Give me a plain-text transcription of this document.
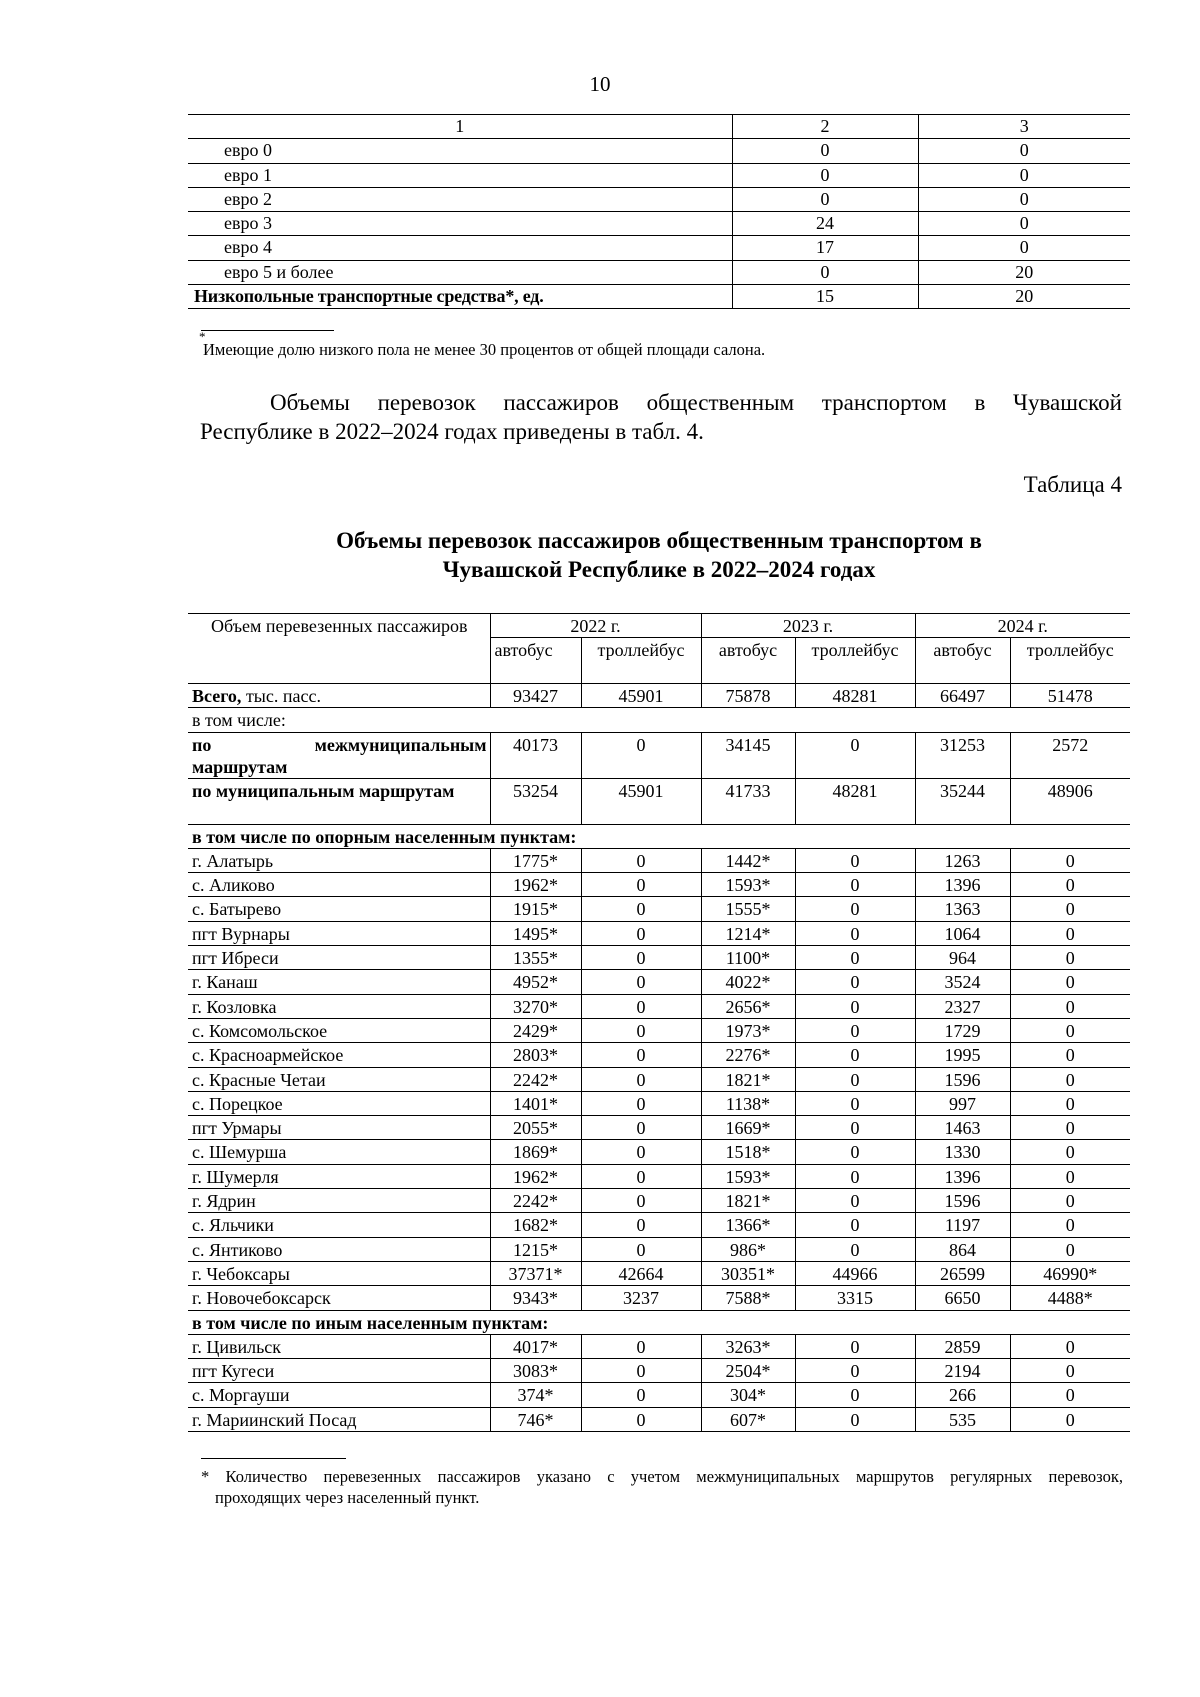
10
1	2	3
евро 0	0	0
евро 1	0	0
евро 2	0	0
евро 3	24	0
евро 4	17	0
евро 5 и более	0	20
Низкопольные транспортные средства*, ед.	15	20
*
Имеющие долю низкого пола не менее 30 процентов от общей площади салона.
Объемы перевозок пассажиров общественным транспортом в Чувашской
Республике в 2022–2024 годах приведены в табл. 4.
Таблица 4
Объемы перевозок пассажиров общественным транспортом в
Чувашской Республике в 2022–2024 годах
Объем перевезенных пассажиров	2022 г.		2023 г.		2024 г.	
	автобус	троллейбус	автобус	троллейбус	автобус	троллейбус
Всего, тыс. пасс.	93427	45901	75878	48281	66497	51478
в том числе:						
по межмуниципальным маршрутам	40173	0	34145	0	31253	2572
по муниципальным маршрутам	53254	45901	41733	48281	35244	48906
в том числе по опорным населенным пунктам:						
г. Алатырь	1775*	0	1442*	0	1263	0
с. Аликово	1962*	0	1593*	0	1396	0
с. Батырево	1915*	0	1555*	0	1363	0
пгт Вурнары	1495*	0	1214*	0	1064	0
пгт Ибреси	1355*	0	1100*	0	964	0
г. Канаш	4952*	0	4022*	0	3524	0
г. Козловка	3270*	0	2656*	0	2327	0
с. Комсомольское	2429*	0	1973*	0	1729	0
с. Красноармейское	2803*	0	2276*	0	1995	0
с. Красные Четаи	2242*	0	1821*	0	1596	0
с. Порецкое	1401*	0	1138*	0	997	0
пгт Урмары	2055*	0	1669*	0	1463	0
с. Шемурша	1869*	0	1518*	0	1330	0
г. Шумерля	1962*	0	1593*	0	1396	0
г. Ядрин	2242*	0	1821*	0	1596	0
с. Яльчики	1682*	0	1366*	0	1197	0
с. Янтиково	1215*	0	986*	0	864	0
г. Чебоксары	37371*	42664	30351*	44966	26599	46990*
г. Новочебоксарск	9343*	3237	7588*	3315	6650	4488*
в том числе по иным населенным пунктам:						
г. Цивильск	4017*	0	3263*	0	2859	0
пгт Кугеси	3083*	0	2504*	0	2194	0
с. Моргауши	374*	0	304*	0	266	0
г. Мариинский Посад	746*	0	607*	0	535	0
* Количество перевезенных пассажиров указано с учетом межмуниципальных маршрутов регулярных перевозок,
проходящих через населенный пункт.
